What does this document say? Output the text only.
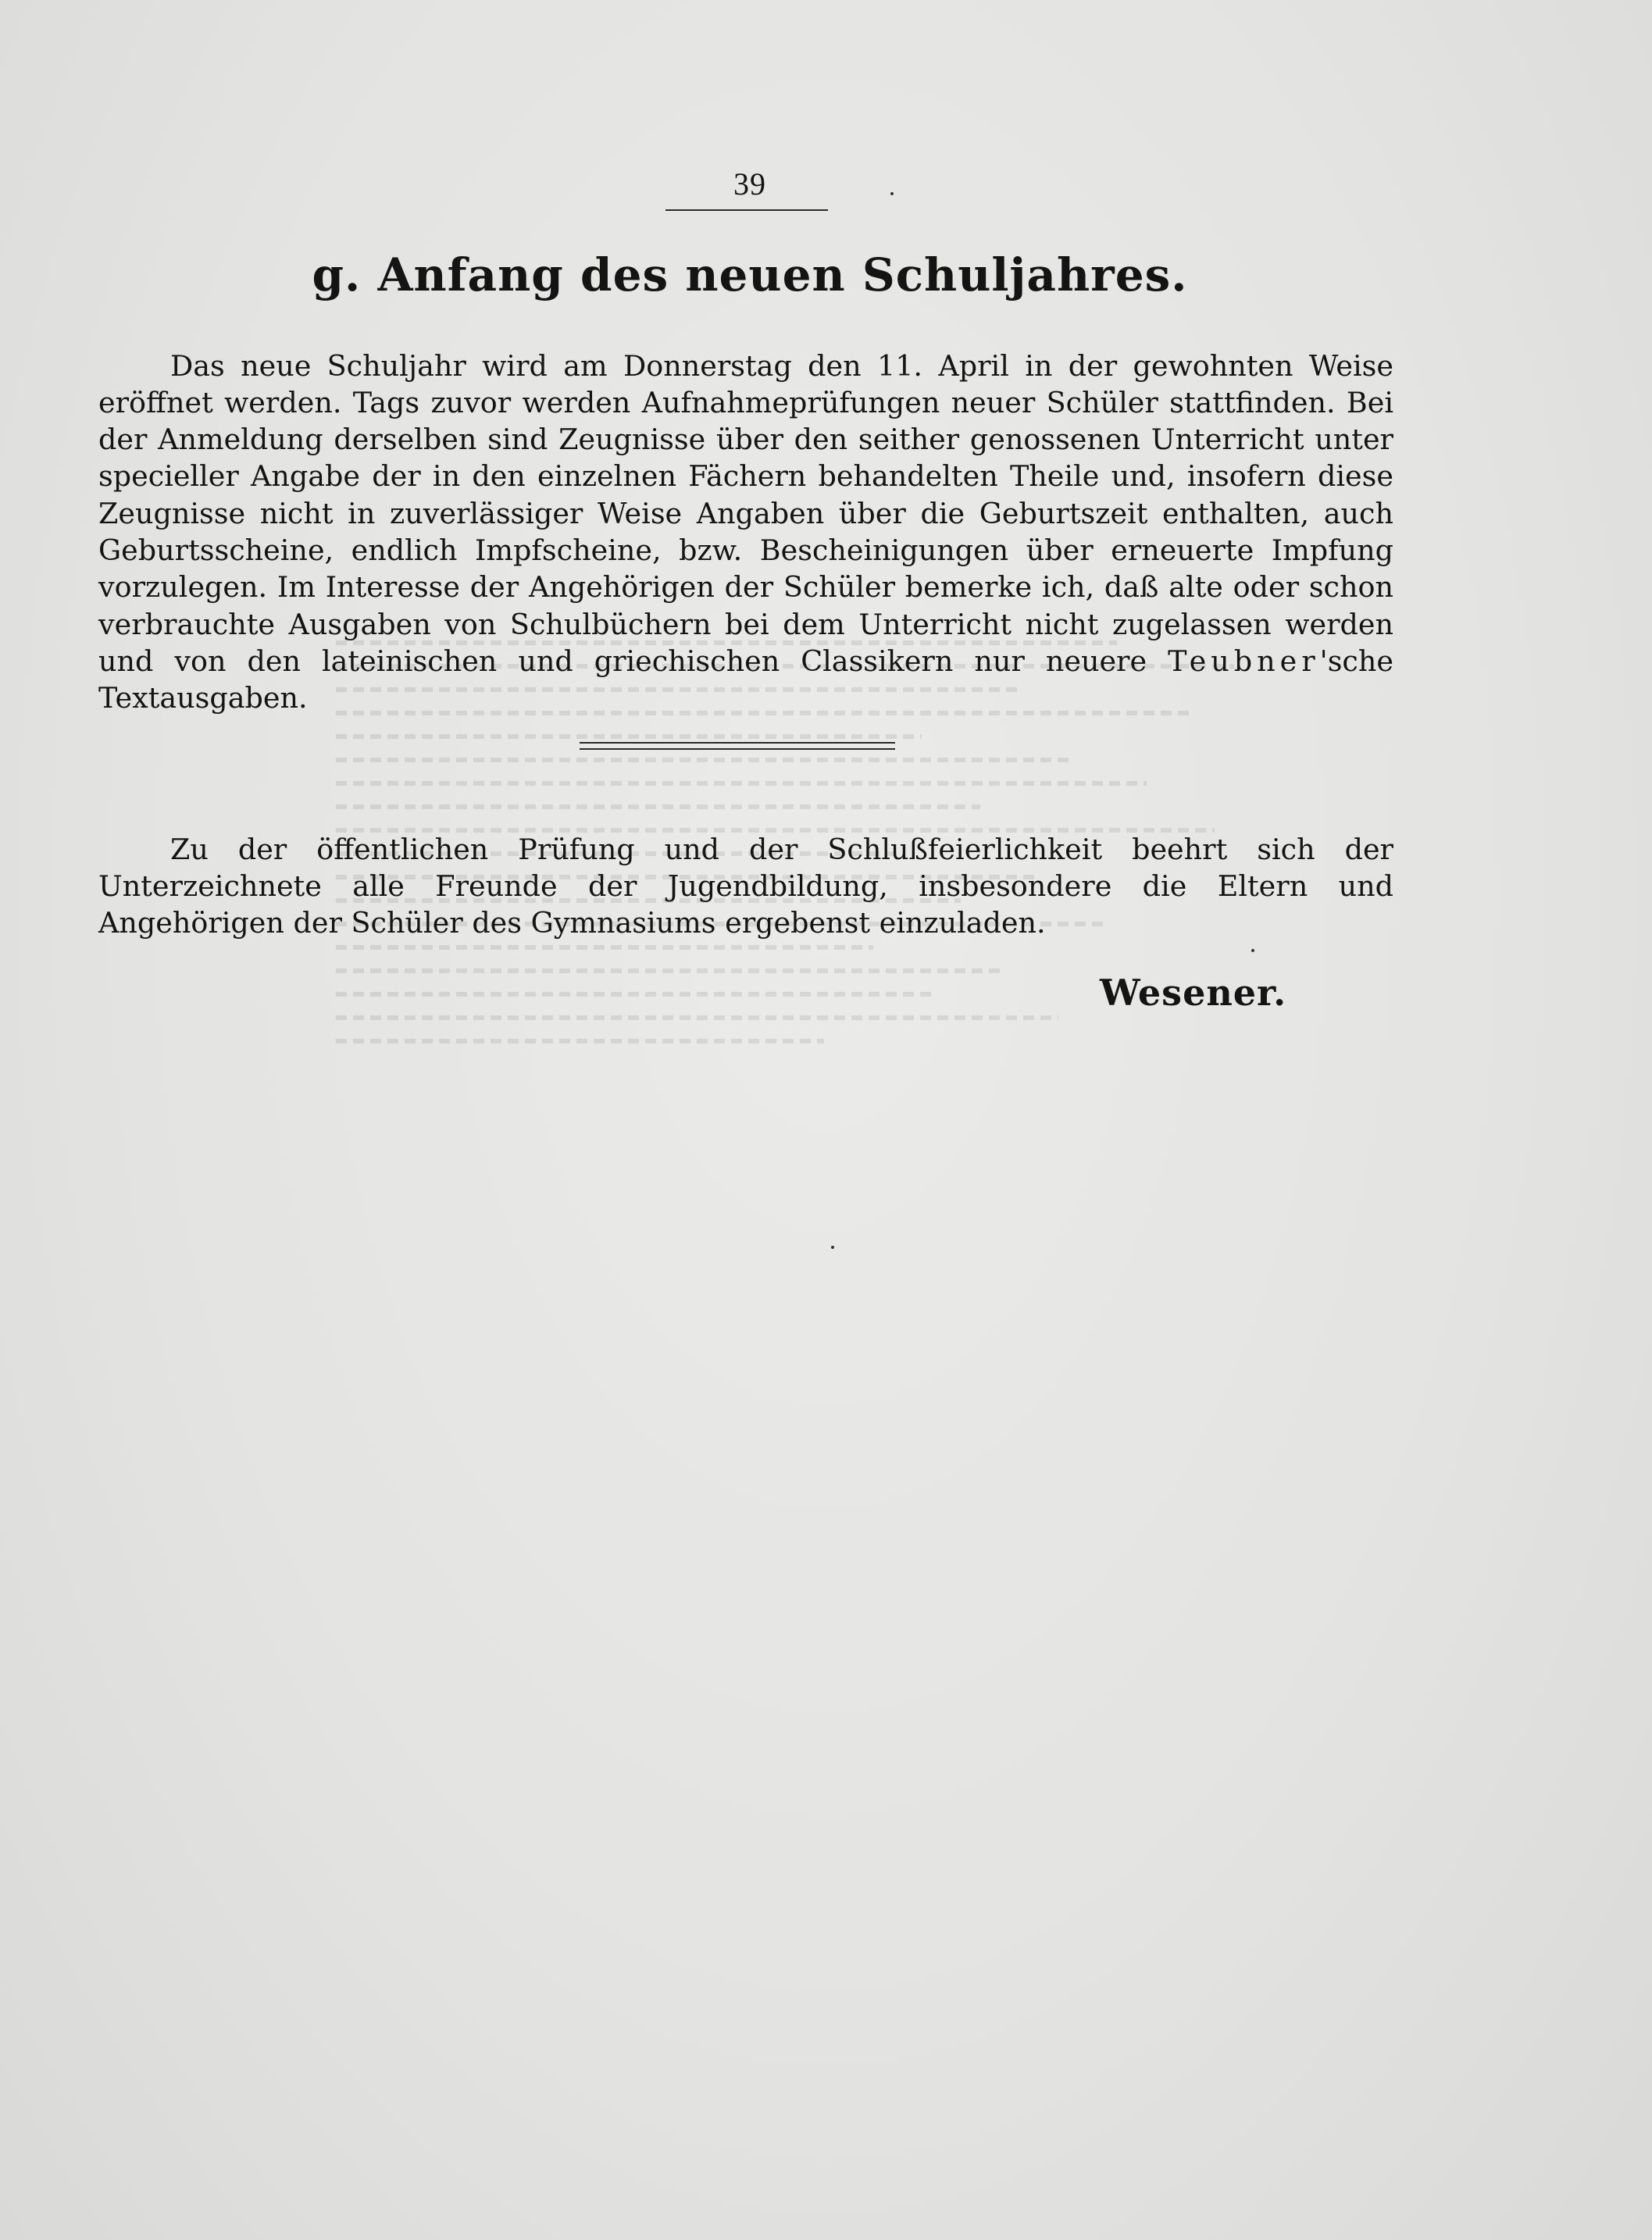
39
g. Anfang des neuen Schuljahres.

Das neue Schuljahr wird am Donnerstag den 11. April in der gewohnten Weise eröffnet werden. Tags zuvor werden Aufnahmeprüfungen neuer Schüler stattfinden. Bei der Anmeldung derselben sind Zeugnisse über den seither genossenen Unterricht unter specieller Angabe der in den einzelnen Fächern behandelten Theile und, insofern diese Zeugnisse nicht in zuverlässiger Weise Angaben über die Geburtszeit enthalten, auch Geburtsscheine, endlich Impfscheine, bzw. Bescheinigungen über erneuerte Impfung vorzulegen. Im Interesse der Angehörigen der Schüler bemerke ich, daß alte oder schon verbrauchte Ausgaben von Schulbüchern bei dem Unterricht nicht zugelassen werden und von den lateinischen und griechischen Classikern nur neuere Teubner'sche Textausgaben.

Zu der öffentlichen Prüfung und der Schlußfeierlichkeit beehrt sich der Unterzeichnete alle Freunde der Jugendbildung, insbesondere die Eltern und Angehörigen der Schüler des Gymnasiums ergebenst einzuladen.

Wesener.
